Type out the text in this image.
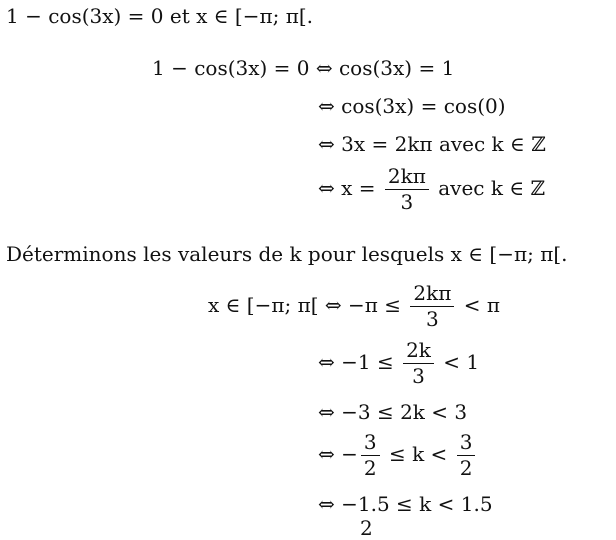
1 − cos(3x) = 0 et x ∈ [−π; π[.
1 − cos(3x) = 0 ⇔ cos(3x) = 1
⇔ cos(3x) = cos(0)
⇔ 3x = 2kπ avec k ∈ ℤ
⇔ $x = \frac{2k\pi}{3}$ avec k ∈ ℤ
Déterminons les valeurs de k pour lesquels x ∈ [−π; π[.
x ∈ [−π; π[ ⇔ $-\pi \le \frac{2k\pi}{3} < \pi$
⇔ $-1 \le \frac{2k}{3} < 1$
⇔ −3 ≤ 2k < 3
⇔ − $\frac{3}{2} \le k < \frac{3}{2}$
⇔ −1.5 ≤ k < 1.5
2
